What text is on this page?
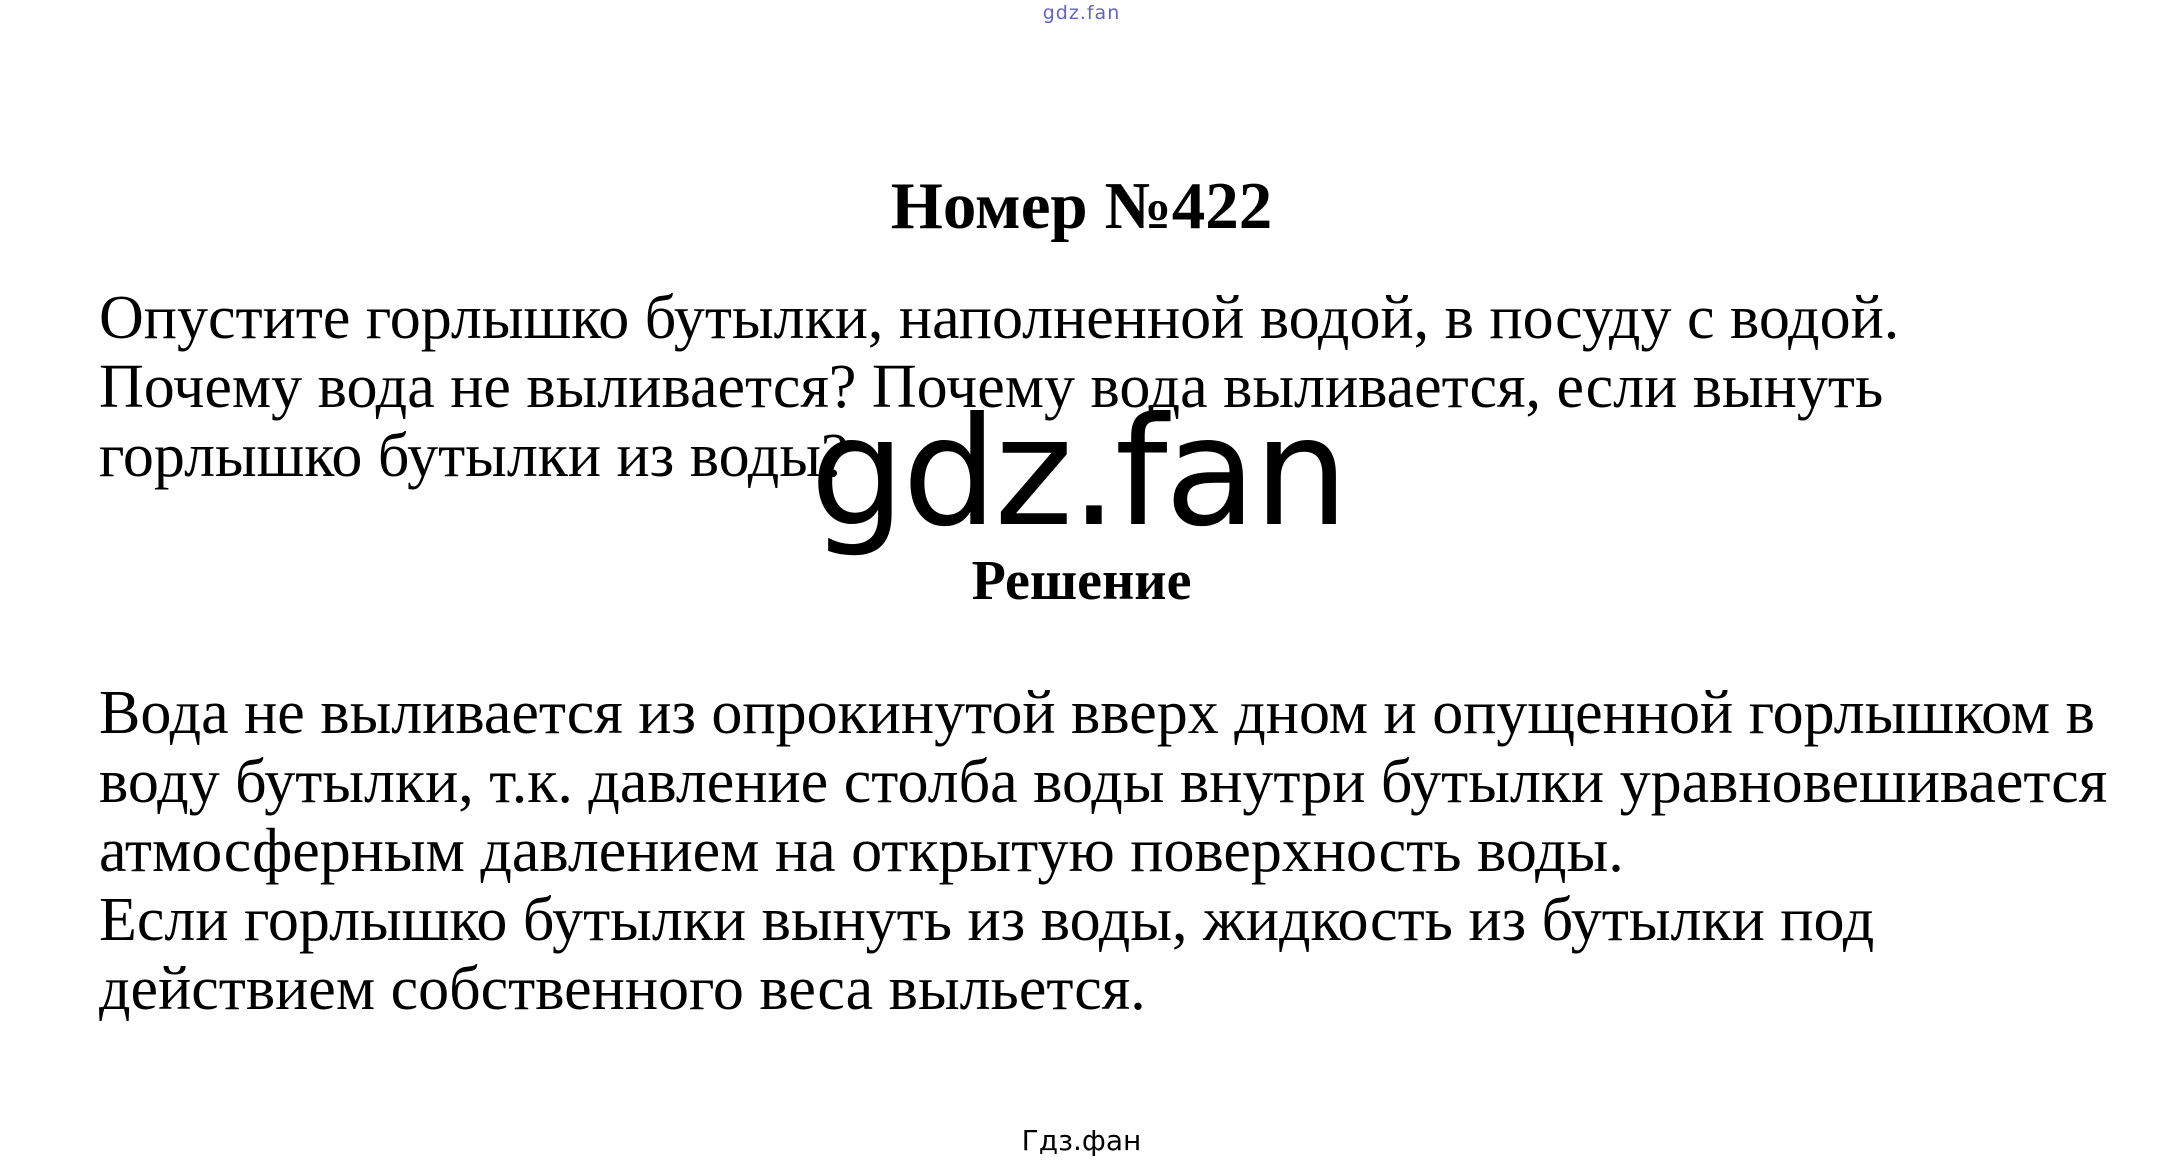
gdz.fan
Номер №422
Опустите горлышко бутылки, наполненной водой, в посуду с водой.
Почему вода не выливается? Почему вода выливается, если вынуть
горлышко бутылки из воды?
gdz.fan
Решение
Вода не выливается из опрокинутой вверх дном и опущенной горлышком в
воду бутылки, т.к. давление столба воды внутри бутылки уравновешивается
атмосферным давлением на открытую поверхность воды.
Если горлышко бутылки вынуть из воды, жидкость из бутылки под
действием собственного веса выльется.
Гдз.фан
